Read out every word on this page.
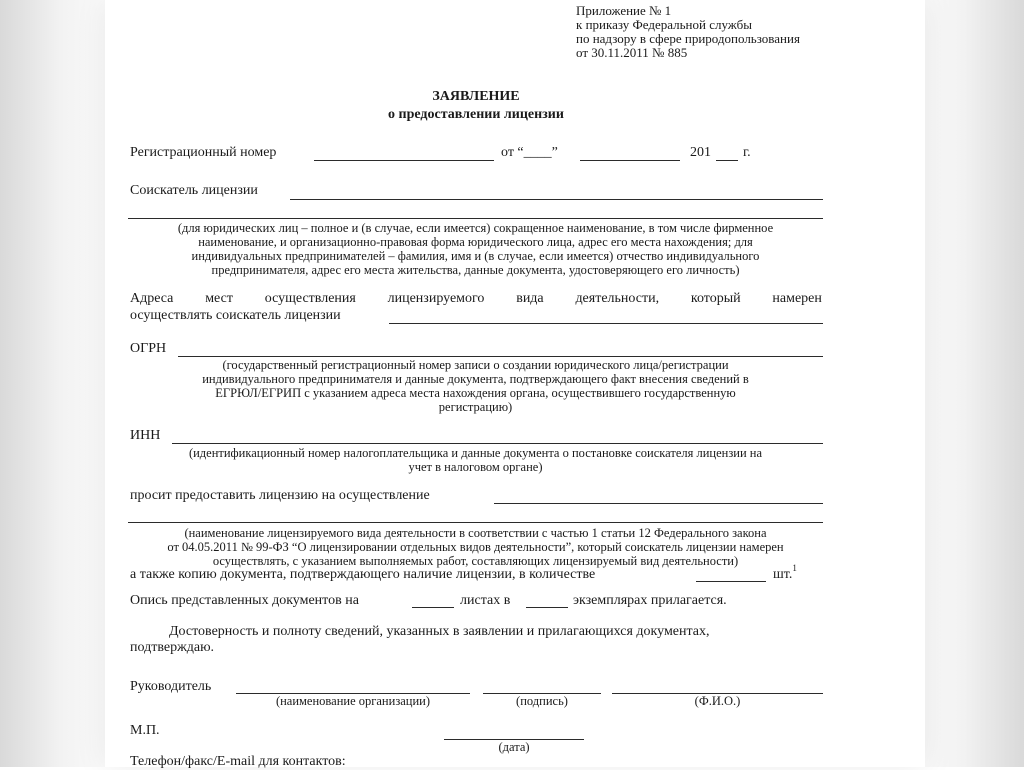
Приложение № 1
к приказу Федеральной службы
по надзору в сфере природопользования
от 30.11.2011 № 885
ЗАЯВЛЕНИЕ
о предоставлении лицензии
Регистрационный номер	от “____”	201 г.
Соискатель лицензии
(для юридических лиц – полное и (в случае, если имеется) сокращенное наименование, в том числе фирменное
наименование, и организационно-правовая форма юридического лица, адрес его места нахождения; для
индивидуальных предпринимателей – фамилия, имя и (в случае, если имеется) отчество индивидуального
предпринимателя, адрес его места жительства, данные документа, удостоверяющего его личность)
Адреса мест осуществления лицензируемого вида деятельности, который намерен
осуществлять соискатель лицензии
ОГРН
(государственный регистрационный номер записи о создании юридического лица/регистрации
индивидуального предпринимателя и данные документа, подтверждающего факт внесения сведений в
ЕГРЮЛ/ЕГРИП с указанием адреса места нахождения органа, осуществившего государственную
регистрацию)
ИНН
(идентификационный номер налогоплательщика и данные документа о постановке соискателя лицензии на
учет в налоговом органе)
просит предоставить лицензию на осуществление
(наименование лицензируемого вида деятельности в соответствии с частью 1 статьи 12 Федерального закона
от 04.05.2011 № 99-ФЗ “О лицензировании отдельных видов деятельности”, который соискатель лицензии намерен
осуществлять, с указанием выполняемых работ, составляющих лицензируемый вид деятельности)
а также копию документа, подтверждающего наличие лицензии, в количестве	шт.$^1$
Опись представленных документов на	листах в	экземплярах прилагается.
Достоверность и полноту сведений, указанных в заявлении и прилагающихся документах,
подтверждаю.
Руководитель
(наименование организации)	(подпись)	(Ф.И.О.)
М.П.
(дата)
Телефон/факс/E-mail для контактов:
